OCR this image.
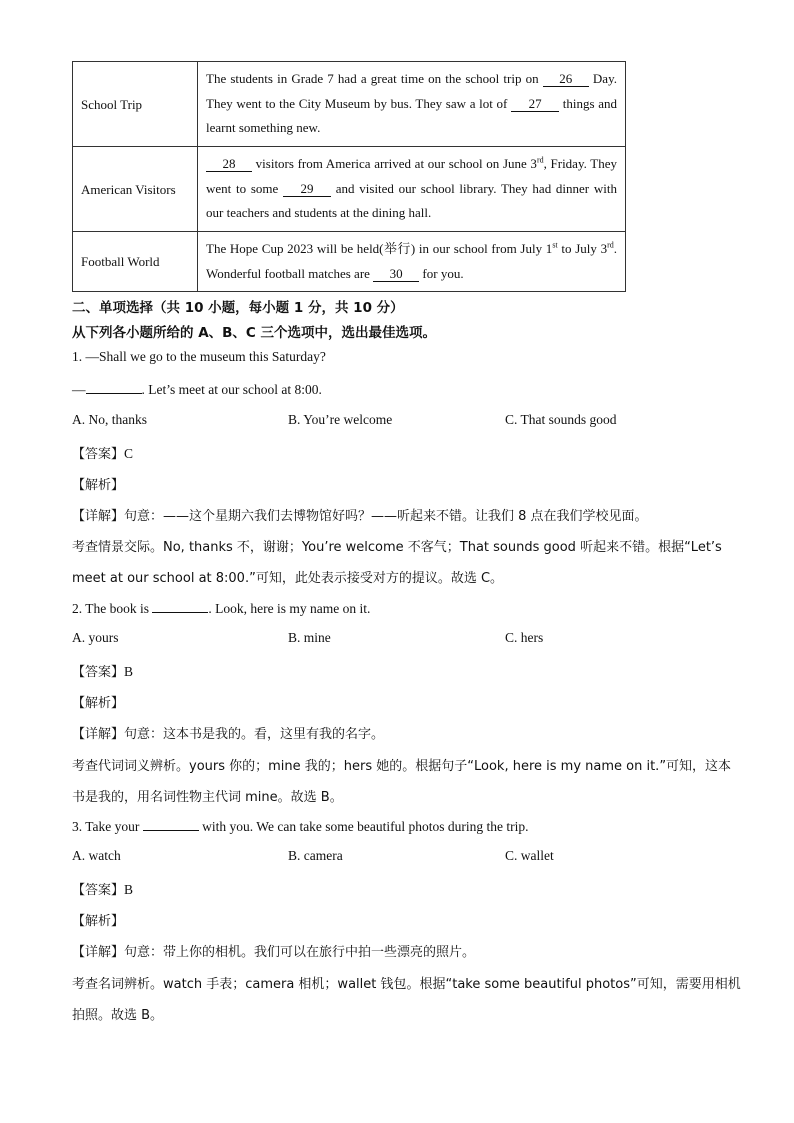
School Trip	The students in Grade 7 had a great time on the school trip on 26 Day. They went to the City Museum by bus. They saw a lot of 27 things and learnt something new.
American Visitors	28 visitors from America arrived at our school on June 3rd, Friday. They went to some 29 and visited our school library. They had dinner with our teachers and students at the dining hall.
Football World	The Hope Cup 2023 will be held(举行) in our school from July 1st to July 3rd. Wonderful football matches are 30 for you.
二、单项选择（共 10 小题，每小题 1 分，共 10 分）
从下列各小题所给的 A、B、C 三个选项中，选出最佳选项。
1. —Shall we go to the museum this Saturday?
—	. Let’s meet at our school at 8:00.
A. No, thanks	B. You’re welcome	C. That sounds good
【答案】C
【解析】
【详解】句意：——这个星期六我们去博物馆好吗？——听起来不错。让我们 8 点在我们学校见面。
考查情景交际。No, thanks 不，谢谢；You’re welcome 不客气；That sounds good 听起来不错。根据“Let’s
meet at our school at 8:00.”可知，此处表示接受对方的提议。故选 C。
2. The book is	. Look, here is my name on it.
A. yours	B. mine	C. hers
【答案】B
【解析】
【详解】句意：这本书是我的。看，这里有我的名字。
考查代词词义辨析。yours 你的；mine 我的；hers 她的。根据句子“Look, here is my name on it.”可知，这本
书是我的，用名词性物主代词 mine。故选 B。
3. Take your	with you. We can take some beautiful photos during the trip.
A. watch	B. camera	C. wallet
【答案】B
【解析】
【详解】句意：带上你的相机。我们可以在旅行中拍一些漂亮的照片。
考查名词辨析。watch 手表；camera 相机；wallet 钱包。根据“take some beautiful photos”可知，需要用相机
拍照。故选 B。
